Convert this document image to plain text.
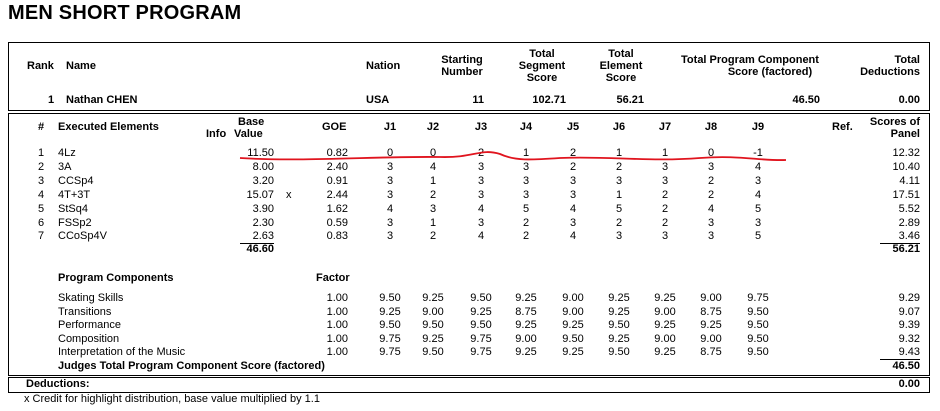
MEN SHORT PROGRAM
Rank Name	Nation	Starting
Number
Total
Segment
Score
Total
Element
Score
Total Program Component
Score (factored)
Total
Deductions
1 Nathan CHEN	USA	11	102.71	56.21	46.50	0.00
# Executed Elements
Info
Base
Value
GOE	J1	J2	J3	J4	J5	J6	J7	J8	J9	Ref.	Scores of
Panel
1 4Lz	11.50	0.82	0	0	2	1	2	1	1	0	-1	12.32
2 3A	8.00	2.40	3	4	3	3	2	2	3	3	4	10.40
3 CCSp4	3.20	0.91	3	1	3	3	3	3	3	2	3	4.11
4 4T+3T	15.07 x	2.44	3	2	3	3	3	1	2	2	4	17.51
5 StSq4	3.90	1.62	4	3	4	5	4	5	2	4	5	5.52
6 FSSp2	2.30	0.59	3	1	3	2	3	2	2	3	3	2.89
7 CCoSp4V	2.63	0.83	3	2	4	2	4	3	3	3	5	3.46
46.60	56.21
Program Components	Factor
Skating Skills	1.00	9.50	9.25	9.50	9.25	9.00	9.25	9.25	9.00	9.75	9.29
Transitions	1.00	9.25	9.00	9.25	8.75	9.00	9.25	9.00	8.75	9.50	9.07
Performance	1.00	9.50	9.50	9.50	9.25	9.25	9.50	9.25	9.25	9.50	9.39
Composition	1.00	9.75	9.25	9.75	9.00	9.50	9.25	9.00	9.00	9.50	9.32
Interpretation of the Music	1.00	9.75	9.50	9.75	9.25	9.25	9.50	9.25	8.75	9.50	9.43
Judges Total Program Component Score (factored)	46.50
Deductions:	0.00
x Credit for highlight distribution, base value multiplied by 1.1
